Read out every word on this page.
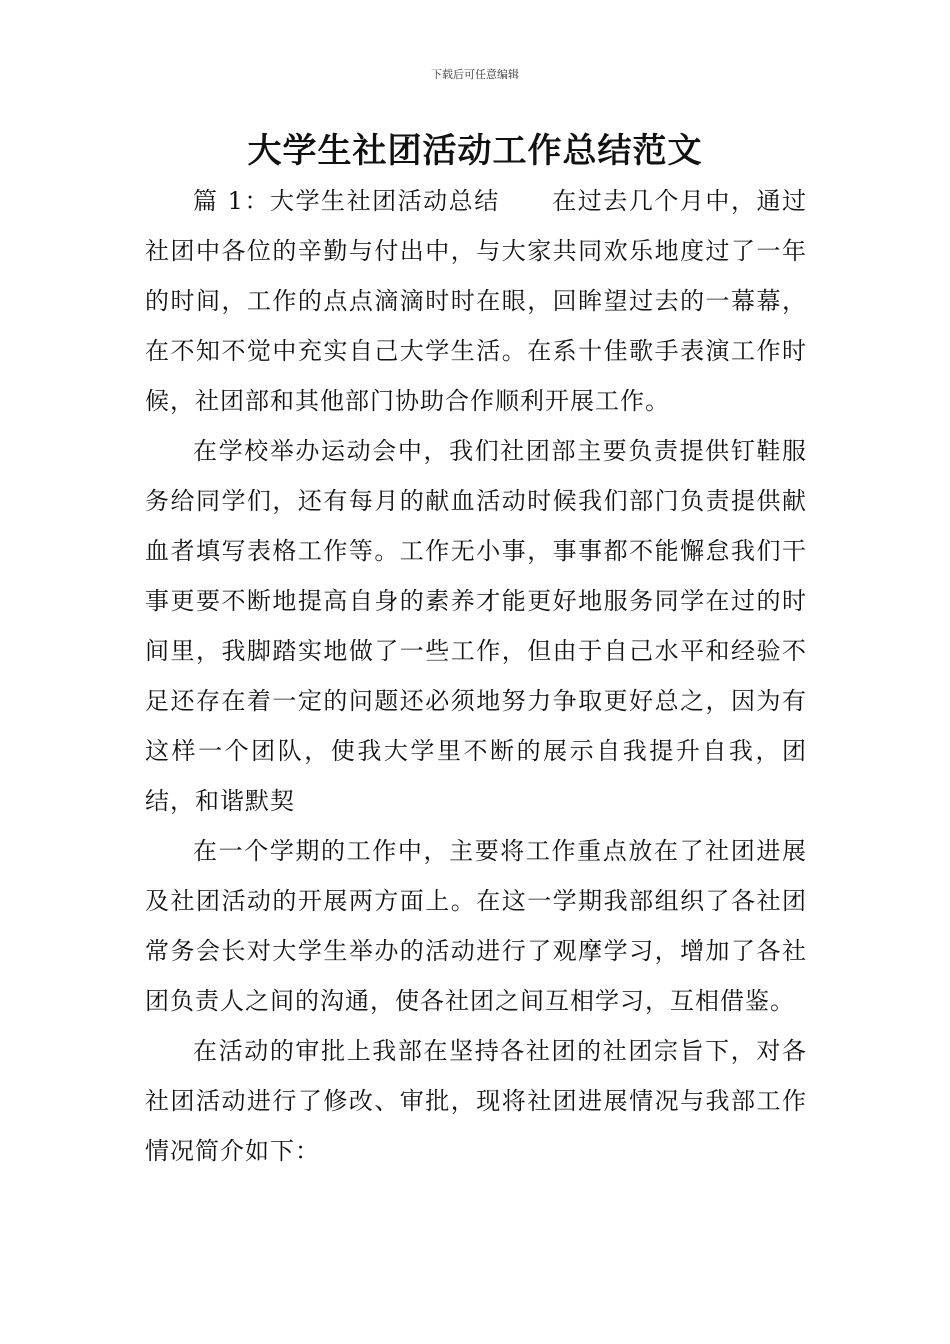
下载后可任意编辑
大学生社团活动工作总结范文

篇 1：大学生社团活动总结 在过去几个月中，通过社团中各位的辛勤与付出中，与大家共同欢乐地度过了一年的时间，工作的点点滴滴时时在眼，回眸望过去的一幕幕，在不知不觉中充实自己大学生活。在系十佳歌手表演工作时候，社团部和其他部门协助合作顺利开展工作。

在学校举办运动会中，我们社团部主要负责提供钉鞋服务给同学们，还有每月的献血活动时候我们部门负责提供献血者填写表格工作等。工作无小事，事事都不能懈怠我们干事更要不断地提高自身的素养才能更好地服务同学在过的时间里，我脚踏实地做了一些工作，但由于自己水平和经验不足还存在着一定的问题还必须地努力争取更好总之，因为有这样一个团队，使我大学里不断的展示自我提升自我，团结，和谐默契

在一个学期的工作中，主要将工作重点放在了社团进展及社团活动的开展两方面上。在这一学期我部组织了各社团常务会长对大学生举办的活动进行了观摩学习，增加了各社团负责人之间的沟通，使各社团之间互相学习，互相借鉴。

在活动的审批上我部在坚持各社团的社团宗旨下，对各社团活动进行了修改、审批，现将社团进展情况与我部工作情况简介如下：
